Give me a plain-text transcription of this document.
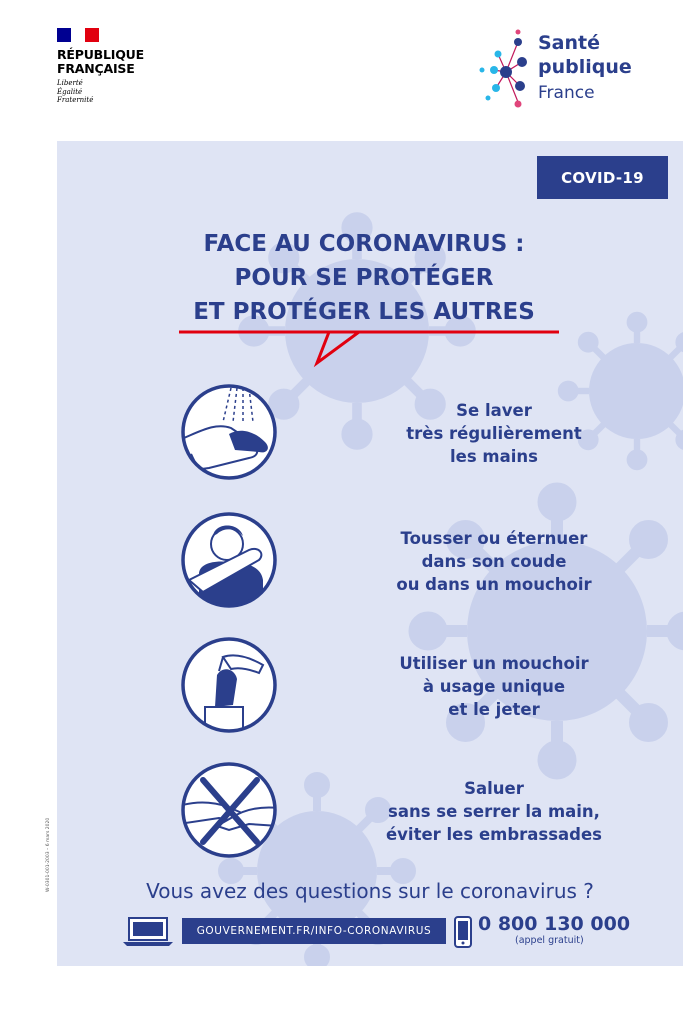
RÉPUBLIQUE
FRANÇAISE
Liberté
Égalité
Fraternité
Santé
publique
France
COVID-19
FACE AU CORONAVIRUS :
POUR SE PROTÉGER
ET PROTÉGER LES AUTRES
Se laver
très régulièrement
les mains
Tousser ou éternuer
dans son coude
ou dans un mouchoir
Utiliser un mouchoir
à usage unique
et le jeter
Saluer
sans se serrer la main,
éviter les embrassades
Vous avez des questions sur le coronavirus ?
GOUVERNEMENT.FR/INFO-CORONAVIRUS	0 800 130 000
(appel gratuit)
W-0301-001-2003 – 6 mars 2020
